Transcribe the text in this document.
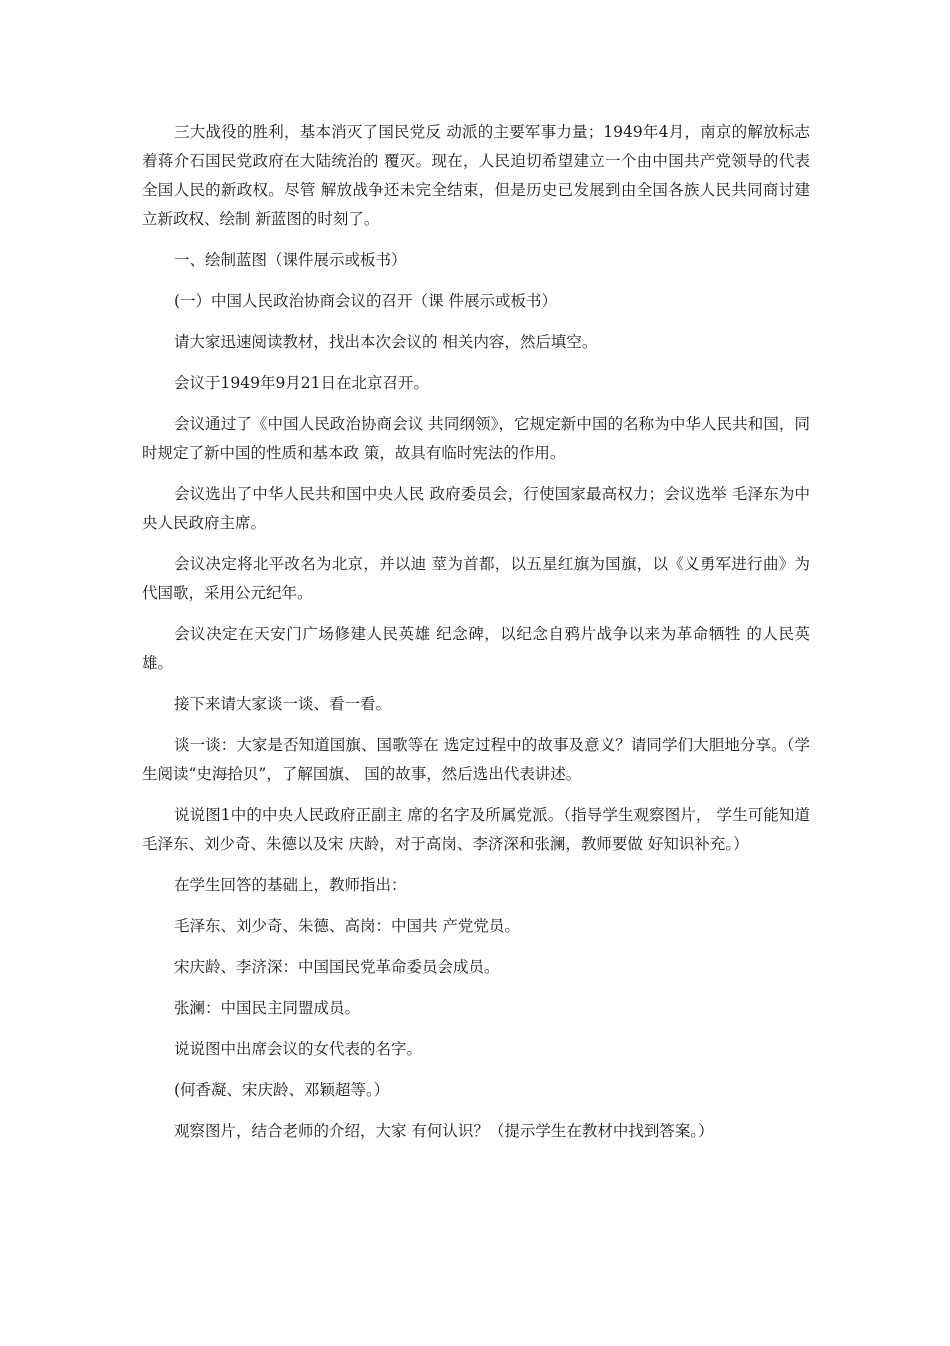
三大战役的胜利，基本消灭了国民党反 动派的主要军事力量；1949年4月，南京的解放标志着蒋介石国民党政府在大陆统治的 覆灭。现在，人民迫切希望建立一个由中国共产党领导的代表全国人民的新政权。尽管 解放战争还未完全结束，但是历史已发展到由全国各族人民共同商讨建立新政权、绘制 新蓝图的时刻了。

一、绘制蓝图（课件展示或板书）

(一）中国人民政治协商会议的召开（课 件展示或板书）

请大家迅速阅读教材，找出本次会议的 相关内容，然后填空。

会议于1949年9月21日在北京召开。

会议通过了《中国人民政治协商会议 共同纲领》，它规定新中国的名称为中华人民共和国，同时规定了新中国的性质和基本政 策，故具有临时宪法的作用。

会议选出了中华人民共和国中央人民 政府委员会，行使国家最高权力；会议选举 毛泽东为中央人民政府主席。

会议决定将北平改名为北京，并以迪 莖为首都，以五星红旗为国旗，以《义勇军进行曲》为代国歌，采用公元纪年。

会议决定在天安门广场修建人民英雄 纪念碑，以纪念自鸦片战争以来为革命牺牲 的人民英雄。

接下来请大家谈一谈、看一看。

谈一谈：大家是否知道国旗、国歌等在 选定过程中的故事及意义？请同学们大胆地分享。（学生阅读“史海拾贝”，了解国旗、 国的故事，然后选出代表讲述。

说说图1中的中央人民政府正副主 席的名字及所属党派。（指导学生观察图片， 学生可能知道毛泽东、刘少奇、朱德以及宋 庆龄，对于高岗、李济深和张澜，教师要做 好知识补充。）

在学生回答的基础上，教师指出：

毛泽东、刘少奇、朱德、高岗：中国共 产党党员。

宋庆龄、李济深：中国国民党革命委员会成员。

张澜：中国民主同盟成员。

说说图中出席会议的女代表的名字。

(何香凝、宋庆龄、邓颖超等。）

观察图片，结合老师的介绍，大家 有何认识？（提示学生在教材中找到答案。）
